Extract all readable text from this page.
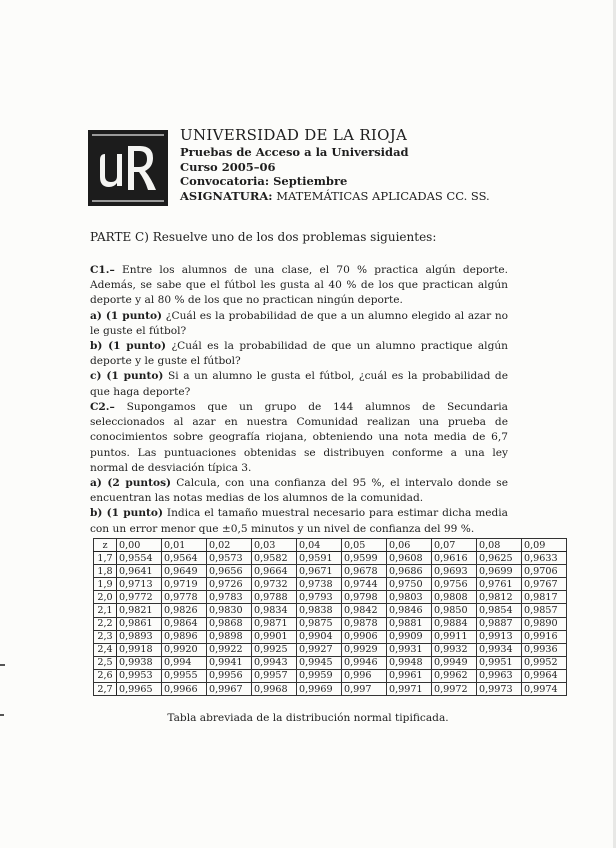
UNIVERSIDAD DE LA RIOJA
Pruebas de Acceso a la Universidad
Curso 2005–06
Convocatoria: Septiembre
ASIGNATURA: MATEMÁTICAS APLICADAS CC. SS.
PARTE C) Resuelve uno de los dos problemas siguientes:
C1.– Entre los alumnos de una clase, el 70 % practica algún deporte. Además, se sabe que el fútbol les gusta al 40 % de los que practican algún deporte y al 80 % de los que no practican ningún deporte.
a) (1 punto) ¿Cuál es la probabilidad de que a un alumno elegido al azar no le guste el fútbol?
b) (1 punto) ¿Cuál es la probabilidad de que un alumno practique algún deporte y le guste el fútbol?
c) (1 punto) Si a un alumno le gusta el fútbol, ¿cuál es la probabilidad de que haga deporte?
C2.– Supongamos que un grupo de 144 alumnos de Secundaria seleccionados al azar en nuestra Comunidad realizan una prueba de conocimientos sobre geografía riojana, obteniendo una nota media de 6,7 puntos. Las puntuaciones obtenidas se distribuyen conforme a una ley normal de desviación típica 3.
a) (2 puntos) Calcula, con una confianza del 95 %, el intervalo donde se encuentran las notas medias de los alumnos de la comunidad.
b) (1 punto) Indica el tamaño muestral necesario para estimar dicha media con un error menor que ±0,5 minutos y un nivel de confianza del 99 %.
z	0,00	0,01	0,02	0,03	0,04	0,05	0,06	0,07	0,08	0,09
1,7	0,9554	0,9564	0,9573	0,9582	0,9591	0,9599	0,9608	0,9616	0,9625	0,9633
1,8	0,9641	0,9649	0,9656	0,9664	0,9671	0,9678	0,9686	0,9693	0,9699	0,9706
1,9	0,9713	0,9719	0,9726	0,9732	0,9738	0,9744	0,9750	0,9756	0,9761	0,9767
2,0	0,9772	0,9778	0,9783	0,9788	0,9793	0,9798	0,9803	0,9808	0,9812	0,9817
2,1	0,9821	0,9826	0,9830	0,9834	0,9838	0,9842	0,9846	0,9850	0,9854	0,9857
2,2	0,9861	0,9864	0,9868	0,9871	0,9875	0,9878	0,9881	0,9884	0,9887	0,9890
2,3	0,9893	0,9896	0,9898	0,9901	0,9904	0,9906	0,9909	0,9911	0,9913	0,9916
2,4	0,9918	0,9920	0,9922	0,9925	0,9927	0,9929	0,9931	0,9932	0,9934	0,9936
2,5	0,9938	0,994	0,9941	0,9943	0,9945	0,9946	0,9948	0,9949	0,9951	0,9952
2,6	0,9953	0,9955	0,9956	0,9957	0,9959	0,996	0,9961	0,9962	0,9963	0,9964
2,7	0,9965	0,9966	0,9967	0,9968	0,9969	0,997	0,9971	0,9972	0,9973	0,9974
Tabla abreviada de la distribución normal tipificada.
